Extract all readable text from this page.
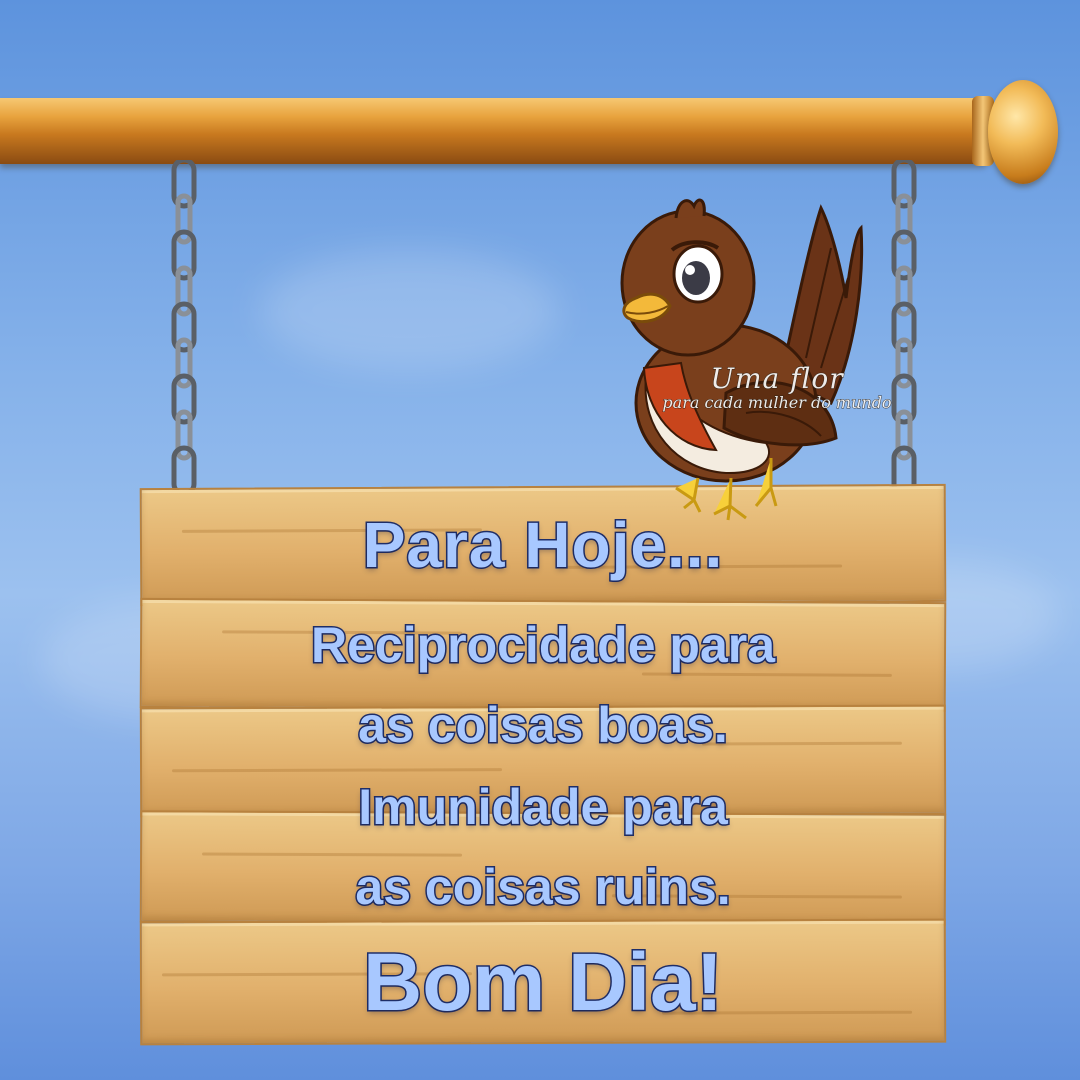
Para Hoje...
Reciprocidade para
as coisas boas.
Imunidade para
as coisas ruins.
Bom Dia!
Uma flor
para cada mulher do mundo
